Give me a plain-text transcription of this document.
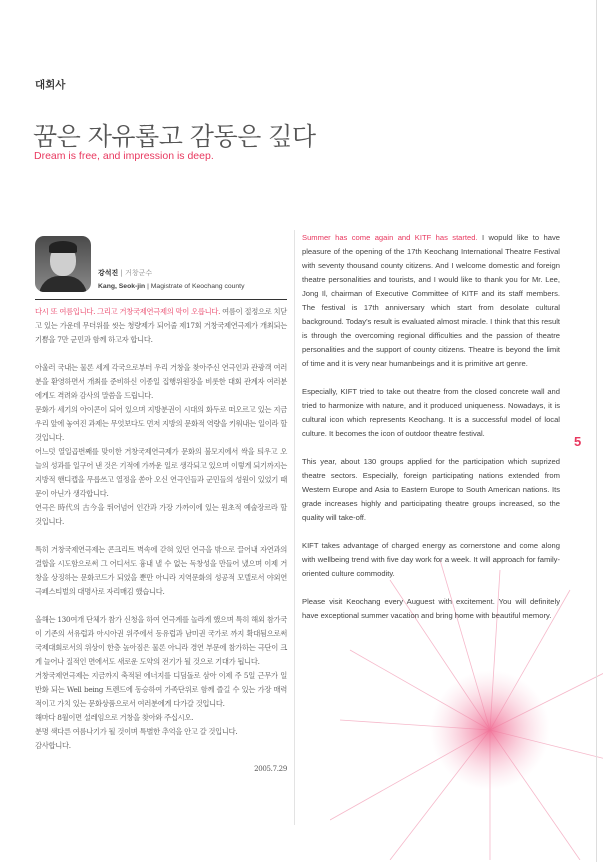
대회사
꿈은 자유롭고 감동은 깊다
Dream is free, and impression is deep.
강석진 | 거창군수
Kang, Seok-jin | Magistrate of Keochang county

다시 또 여름입니다. 그리고 거창국제연극제의 막이 오릅니다. 여름이 절정으로 치닫고 있는 가운데 무더위를 씻는 청량제가 되어줄 제17회 거창국제연극제가 개최되는 기쁨을 7만 군민과 함께 하고자 합니다.

아울러 국내는 물론 세계 각국으로부터 우리 거창을 찾아주신 연극인과 관광객 여러분을 환영하면서 개최를 준비하신 이종일 집행위원장을 비롯한 대회 관계자 여러분에게도 격려와 감사의 말씀을 드립니다.

문화가 세기의 아이콘이 되어 있으며 지방분권이 시대의 화두로 떠오르고 있는 지금 우리 앞에 놓여진 과제는 무엇보다도 먼저 지방의 문화적 역량을 키워내는 일이라 할 것입니다.

어느덧 열일곱번째를 맞이한 거창국제연극제가 문화의 불모지에서 싹을 틔우고 오늘의 성과를 일구어 낸 것은 기적에 가까운 일로 생각되고 있으며 이렇게 되기까지는 지방적 핸디캡을 무릅쓰고 열정을 쏟아 오신 연극인들과 군민들의 성원이 있었기 때문이 아닌가 생각합니다.

연극은 時代의 古今을 뛰어넘어 인간과 가장 가까이에 있는 원초적 예술장르라 할 것입니다.

특히 거창국제연극제는 콘크리트 벽속에 갇혀 있던 연극을 밖으로 끌어내 자연과의 결합을 시도함으로써 그 어디서도 흉내 낼 수 없는 독창성을 만들어 냈으며 이제 거창을 상징하는 문화코드가 되었을 뿐만 아니라 지역문화의 성공적 모델로서 야외연극페스티벌의 대명사로 자리매김 했습니다.

올해는 130여개 단체가 참가 신청을 하여 연극계를 놀라게 했으며 특히 해외 참가국이 기존의 서유럽과 아시아권 위주에서 동유럽과 남미권 국가로 까지 확대됨으로써 국제대회로서의 위상이 한층 높아짐은 물론 아니라 경연 부문에 참가하는 극단이 크게 늘어나 질적인 면에서도 새로운 도약의 전기가 될 것으로 기대가 됩니다.

거창국제연극제는 지금까지 축적된 에너지를 디딤돌로 삼아 이제 주 5일 근무가 일반화 되는 Well being 트렌드에 동승하여 가족단위로 함께 즐길 수 있는 가장 매력적이고 가치 있는 문화상품으로서 여러분에게 다가갈 것입니다.

해마다 8월이면 설레임으로 거창을 찾아와 주십시오.

분명 색다른 여름나기가 될 것이며 특별한 추억을 안고 갈 것입니다.

감사합니다.

2005.7.29

Summer has come again and KITF has started. I wopuld like to have pleasure of the opening of the 17th Keochang International Theatre Festival with seventy thousand county citizens. And I welcome domestic and foreign theatre personalities and tourists, and I would like to thank you for Mr. Lee, Jong Il, chairman of Executive Committee of KITF and its staff members. The festival is 17th anniversary which start from desolate cultural background. Today's result is evaluated almost miracle. I think that this result is through the overcoming regional difficulties and the passion of theatre personalities and the support of county citizens. Theatre is beyond the limit of time and it is very near humanbeings and it is primitive art genre.

Especially, KIFT tried to take out theatre from the closed concrete wall and tried to harmonize with nature, and it produced uniqueness. Nowadays, it is cultural icon which represents Keochang. It is a successful model of local culture. It becomes the icon of outdoor theatre festival.

This year, about 130 groups applied for the participation which suprized theatre sectors. Especially, foreign participating nations extended from Western Europe and Asia to Eastern Europe to South American nations. Its grade increases highly and participating theatre groups increased, so the quality will take-off.

KIFT takes advantage of charged energy as cornerstone and come along with wellbeing trend with five day work for a week. It will approach for family-oriented culture commodity.

Please visit Keochang every Auguest with excitement. You will definitely have exceptional summer vacation and bring home with beautiful memory.

5
